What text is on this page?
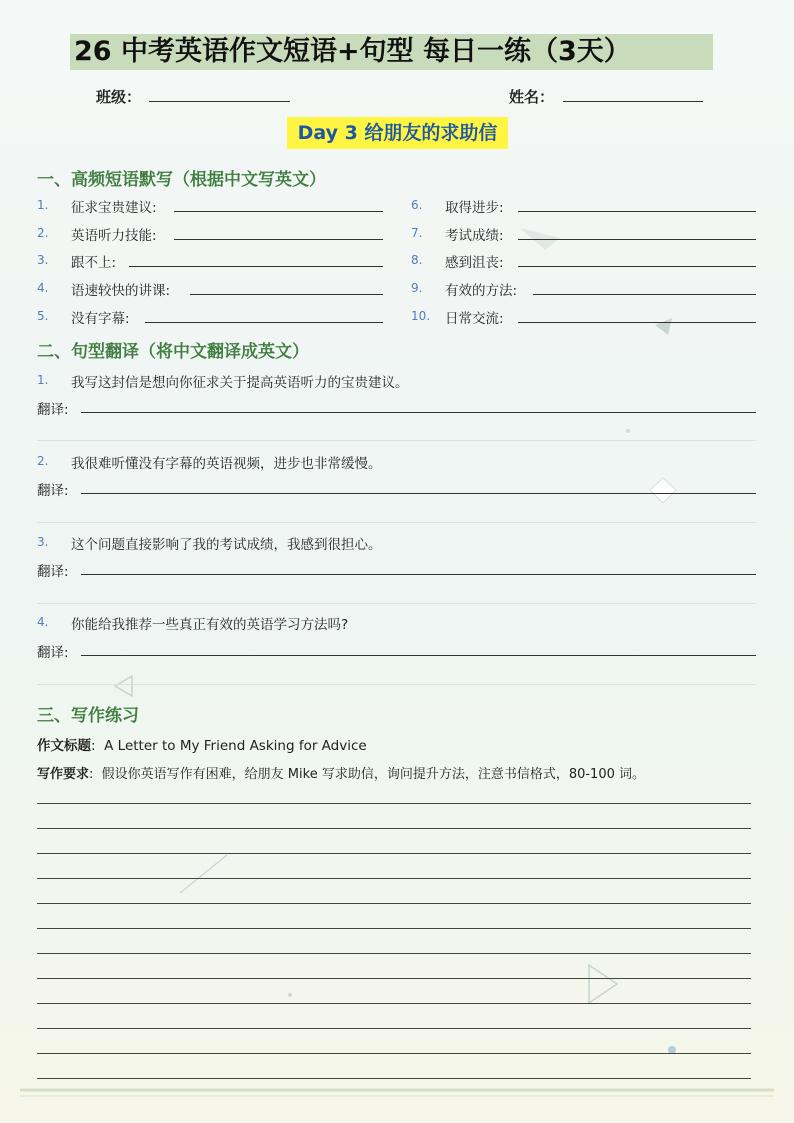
26 中考英语作文短语+句型 每日一练（3天）
班级：	姓名：
Day 3 给朋友的求助信
一、高频短语默写（根据中文写英文）
1.	征求宝贵建议:
2.	英语听力技能:
3.	跟不上:
4.	语速较快的讲课:
5.	没有字幕:
6.	取得进步:
7.	考试成绩:
8.	感到沮丧:
9.	有效的方法:
10.	日常交流:
二、句型翻译（将中文翻译成英文）
1.	我写这封信是想向你征求关于提高英语听力的宝贵建议。
翻译:
2.	我很难听懂没有字幕的英语视频，进步也非常缓慢。
翻译:
3.	这个问题直接影响了我的考试成绩，我感到很担心。
翻译:
4.	你能给我推荐一些真正有效的英语学习方法吗?
翻译:
三、写作练习
作文标题:  A Letter to My Friend Asking for Advice
写作要求:  假设你英语写作有困难，给朋友 Mike 写求助信，询问提升方法，注意书信格式，80-100 词。
